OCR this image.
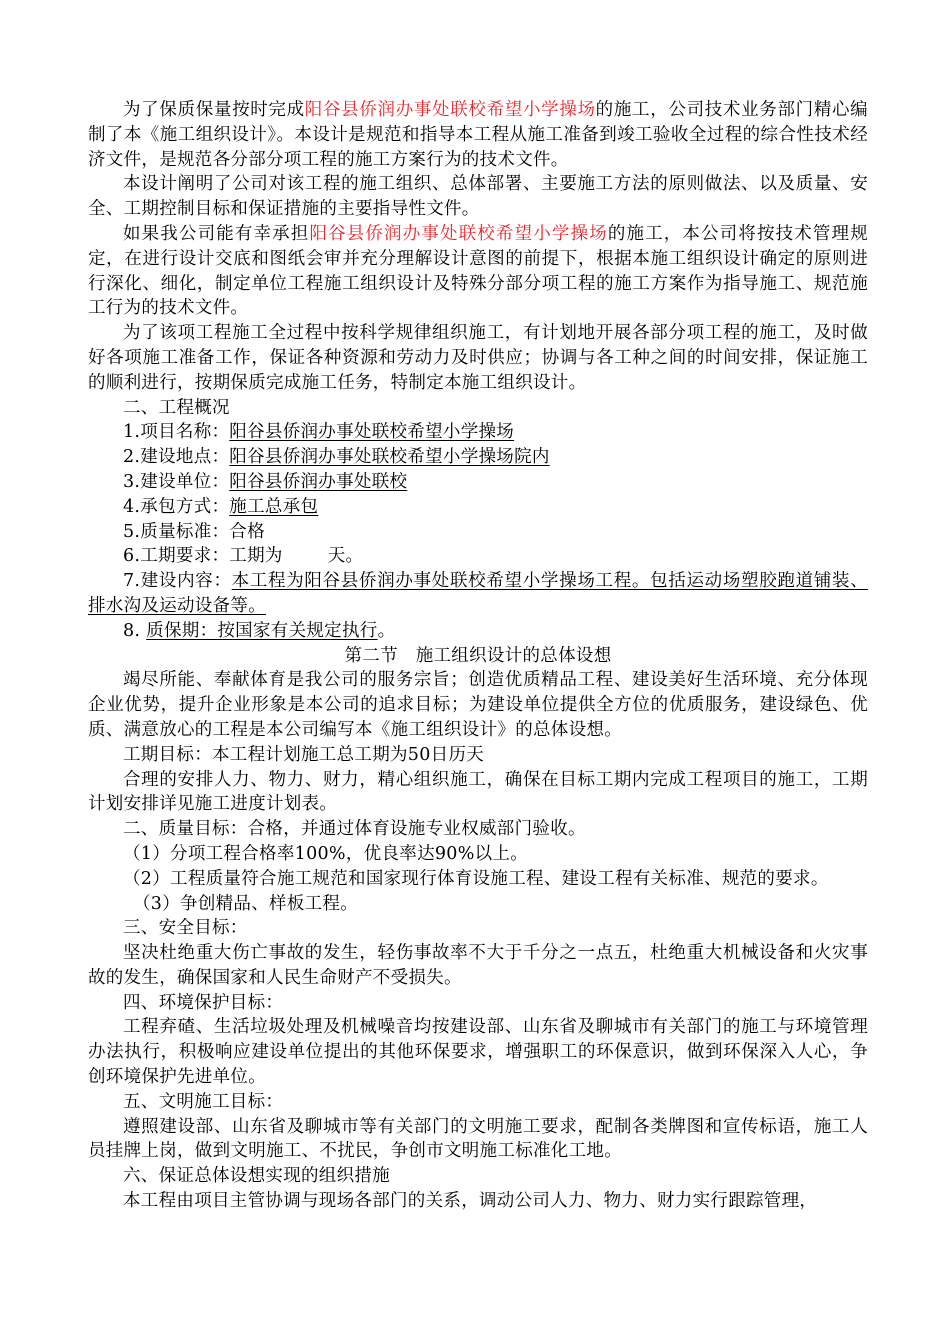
为了保质保量按时完成阳谷县侨润办事处联校希望小学操场的施工，公司技术业务部门精心编制了本《施工组织设计》。本设计是规范和指导本工程从施工准备到竣工验收全过程的综合性技术经济文件，是规范各分部分项工程的施工方案行为的技术文件。

本设计阐明了公司对该工程的施工组织、总体部署、主要施工方法的原则做法、以及质量、安全、工期控制目标和保证措施的主要指导性文件。

如果我公司能有幸承担阳谷县侨润办事处联校希望小学操场的施工，本公司将按技术管理规定，在进行设计交底和图纸会审并充分理解设计意图的前提下，根据本施工组织设计确定的原则进行深化、细化，制定单位工程施工组织设计及特殊分部分项工程的施工方案作为指导施工、规范施工行为的技术文件。

为了该项工程施工全过程中按科学规律组织施工，有计划地开展各部分项工程的施工，及时做好各项施工准备工作，保证各种资源和劳动力及时供应；协调与各工种之间的时间安排，保证施工的顺利进行，按期保质完成施工任务，特制定本施工组织设计。

二、工程概况

1.项目名称：阳谷县侨润办事处联校希望小学操场

2.建设地点：阳谷县侨润办事处联校希望小学操场院内

3.建设单位：阳谷县侨润办事处联校

4.承包方式：施工总承包

5.质量标准：合格

6.工期要求：工期为	天。

7.建设内容：本工程为阳谷县侨润办事处联校希望小学操场工程。包括运动场塑胶跑道铺装、排水沟及运动设备等。

8. 质保期：按国家有关规定执行。

第二节　施工组织设计的总体设想

竭尽所能、奉献体育是我公司的服务宗旨；创造优质精品工程、建设美好生活环境、充分体现企业优势，提升企业形象是本公司的追求目标；为建设单位提供全方位的优质服务，建设绿色、优质、满意放心的工程是本公司编写本《施工组织设计》的总体设想。

工期目标：本工程计划施工总工期为50日历天

合理的安排人力、物力、财力，精心组织施工，确保在目标工期内完成工程项目的施工，工期计划安排详见施工进度计划表。

二、质量目标：合格，并通过体育设施专业权威部门验收。

（1）分项工程合格率100%，优良率达90%以上。

（2）工程质量符合施工规范和国家现行体育设施工程、建设工程有关标准、规范的要求。

（3）争创精品、样板工程。

三、安全目标：

坚决杜绝重大伤亡事故的发生，轻伤事故率不大于千分之一点五，杜绝重大机械设备和火灾事故的发生，确保国家和人民生命财产不受损失。

四、环境保护目标：

工程弃碴、生活垃圾处理及机械噪音均按建设部、山东省及聊城市有关部门的施工与环境管理办法执行，积极响应建设单位提出的其他环保要求，增强职工的环保意识，做到环保深入人心，争创环境保护先进单位。

五、文明施工目标：

遵照建设部、山东省及聊城市等有关部门的文明施工要求，配制各类牌图和宣传标语，施工人员挂牌上岗，做到文明施工、不扰民，争创市文明施工标准化工地。

六、保证总体设想实现的组织措施

本工程由项目主管协调与现场各部门的关系，调动公司人力、物力、财力实行跟踪管理，
